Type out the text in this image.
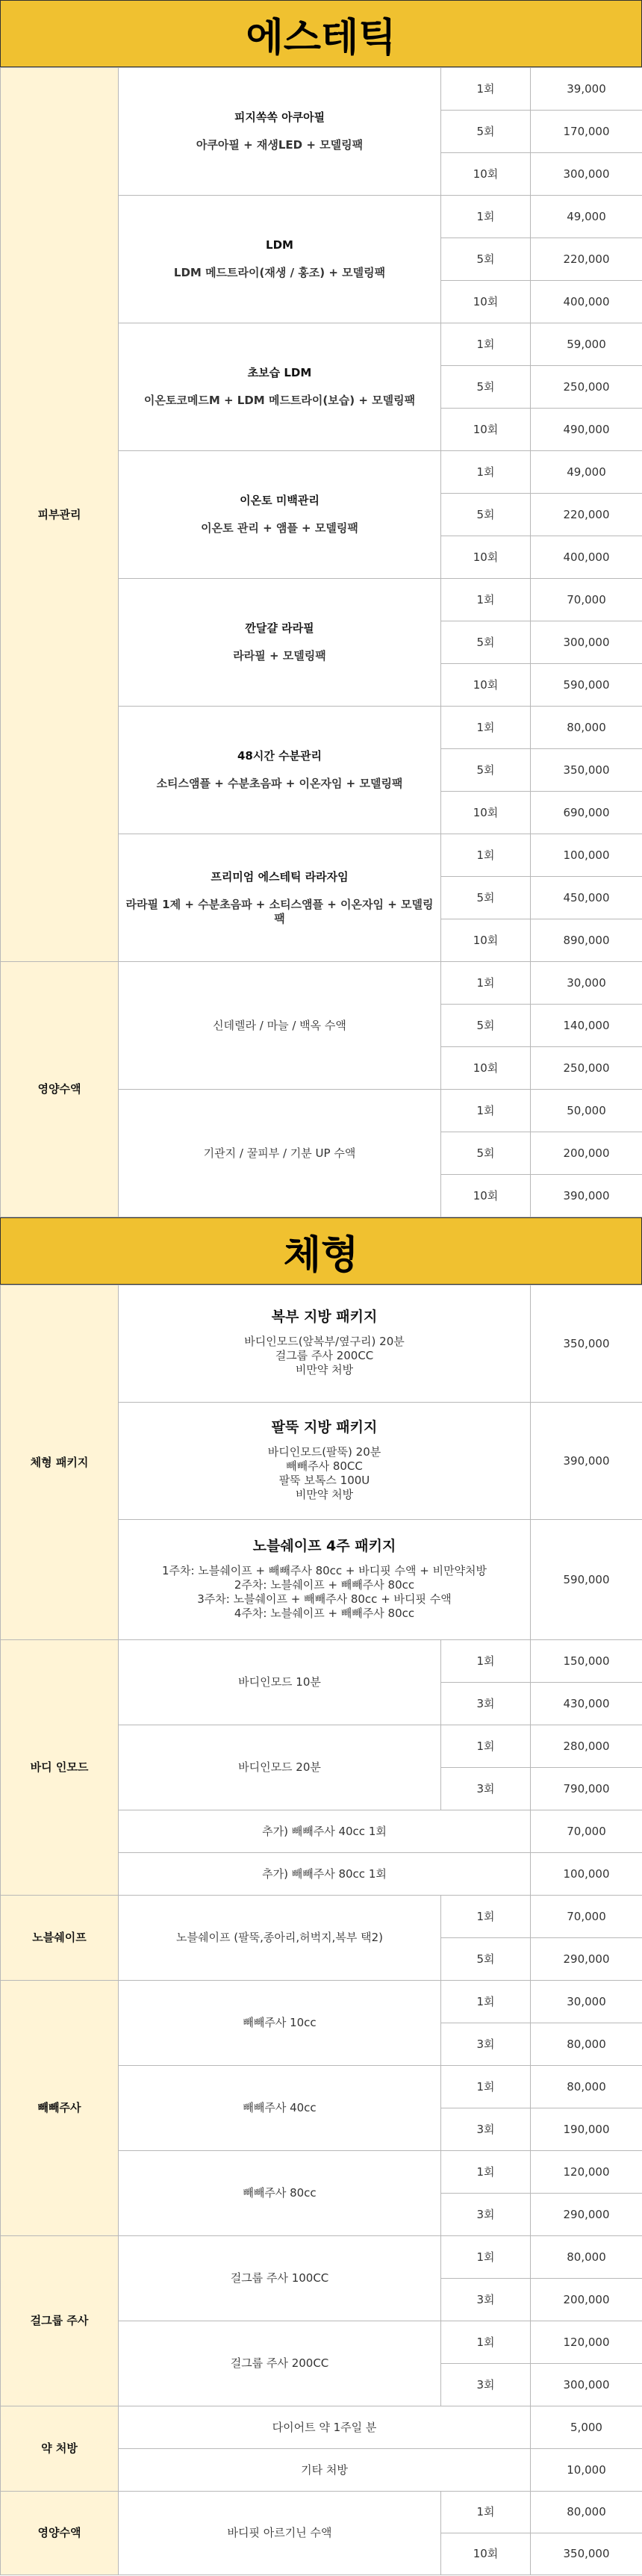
에스테틱
피부관리	피지쏙쏙 아쿠아필
아쿠아필 + 재생LED + 모델링팩	1회	39,000
		5회	170,000
		10회	300,000
	LDM
LDM 메드트라이(재생 / 홍조) + 모델링팩	1회	49,000
		5회	220,000
		10회	400,000
	초보습 LDM
이온토코메드M + LDM 메드트라이(보습) + 모델링팩	1회	59,000
		5회	250,000
		10회	490,000
	이온토 미백관리
이온토 관리 + 앰플 + 모델링팩	1회	49,000
		5회	220,000
		10회	400,000
	깐달걀 라라필
라라필 + 모델링팩	1회	70,000
		5회	300,000
		10회	590,000
	48시간 수분관리
소티스앰플 + 수분초음파 + 이온자임 + 모델링팩	1회	80,000
		5회	350,000
		10회	690,000
	프리미엄 에스테틱 라라자임
라라필 1제 + 수분초음파 + 소티스앰플 + 이온자임 + 모델링팩	1회	100,000
		5회	450,000
		10회	890,000
영양수액	신데렐라 / 마늘 / 백옥 수액	1회	30,000
		5회	140,000
		10회	250,000
	기관지 / 꿀피부 / 기분 UP 수액	1회	50,000
		5회	200,000
		10회	390,000
체형
체형 패키지	복부 지방 패키지
바디인모드(앞복부/옆구리) 20분
걸그룹 주사 200CC
비만약 처방		350,000

	팔뚝 지방 패키지
바디인모드(팔뚝) 20분
빼빼주사 80CC
팔뚝 보톡스 100U
비만약 처방		390,000

	노블쉐이프 4주 패키지
1주차: 노블쉐이프 + 빼빼주사 80cc + 바디핏 수액 + 비만약처방
2주차: 노블쉐이프 + 빼빼주사 80cc
3주차: 노블쉐이프 + 빼빼주사 80cc + 바디핏 수액
4주차: 노블쉐이프 + 빼빼주사 80cc		590,000
바디 인모드	바디인모드 10분	1회	150,000
		3회	430,000
	바디인모드 20분	1회	280,000
		3회	790,000
	추가) 빼빼주사 40cc 1회		70,000
	추가) 빼빼주사 80cc 1회		100,000
노블쉐이프	노블쉐이프 (팔뚝,종아리,허벅지,복부 택2)	1회	70,000
		5회	290,000
빼빼주사	빼빼주사 10cc	1회	30,000
		3회	80,000
	빼빼주사 40cc	1회	80,000
		3회	190,000
	빼빼주사 80cc	1회	120,000
		3회	290,000
걸그룹 주사	걸그룹 주사 100CC	1회	80,000
		3회	200,000
	걸그룹 주사 200CC	1회	120,000
		3회	300,000
약 처방	다이어트 약 1주일 분		5,000
	기타 처방		10,000
영양수액	바디핏 아르기닌 수액	1회	80,000
		10회	350,000
